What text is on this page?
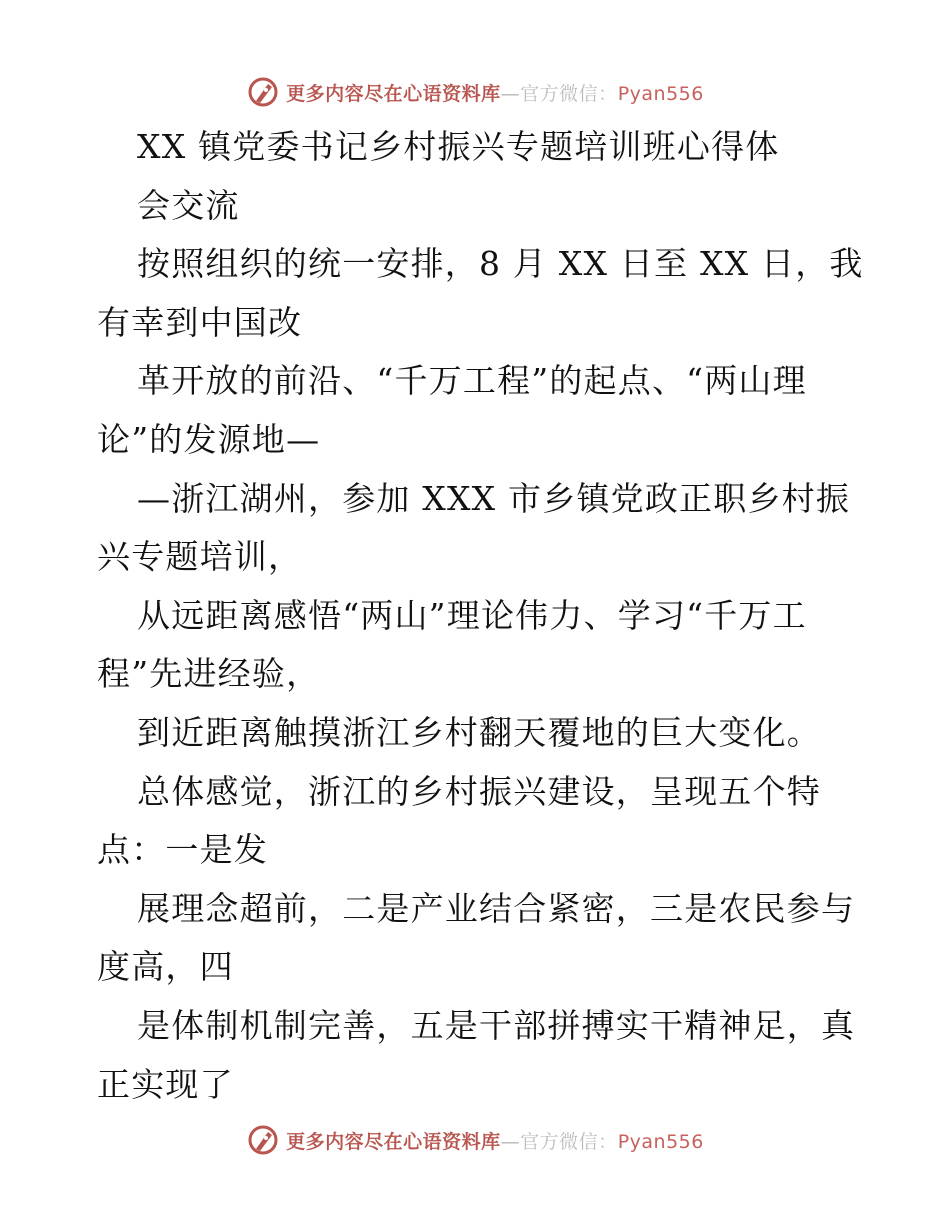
更多内容尽在心语资料库—官方微信：Pyan556
XX 镇党委书记乡村振兴专题培训班心得体
会交流
按照组织的统一安排，8 月 XX 日至 XX 日，我
有幸到中国改
革开放的前沿、“千万工程”的起点、“两山理
论”的发源地—
—浙江湖州，参加 XXX 市乡镇党政正职乡村振
兴专题培训，
从远距离感悟“两山”理论伟力、学习“千万工
程”先进经验，
到近距离触摸浙江乡村翻天覆地的巨大变化。
总体感觉，浙江的乡村振兴建设，呈现五个特
点：一是发
展理念超前，二是产业结合紧密，三是农民参与
度高，四
是体制机制完善，五是干部拼搏实干精神足，真
正实现了
更多内容尽在心语资料库—官方微信：Pyan556
